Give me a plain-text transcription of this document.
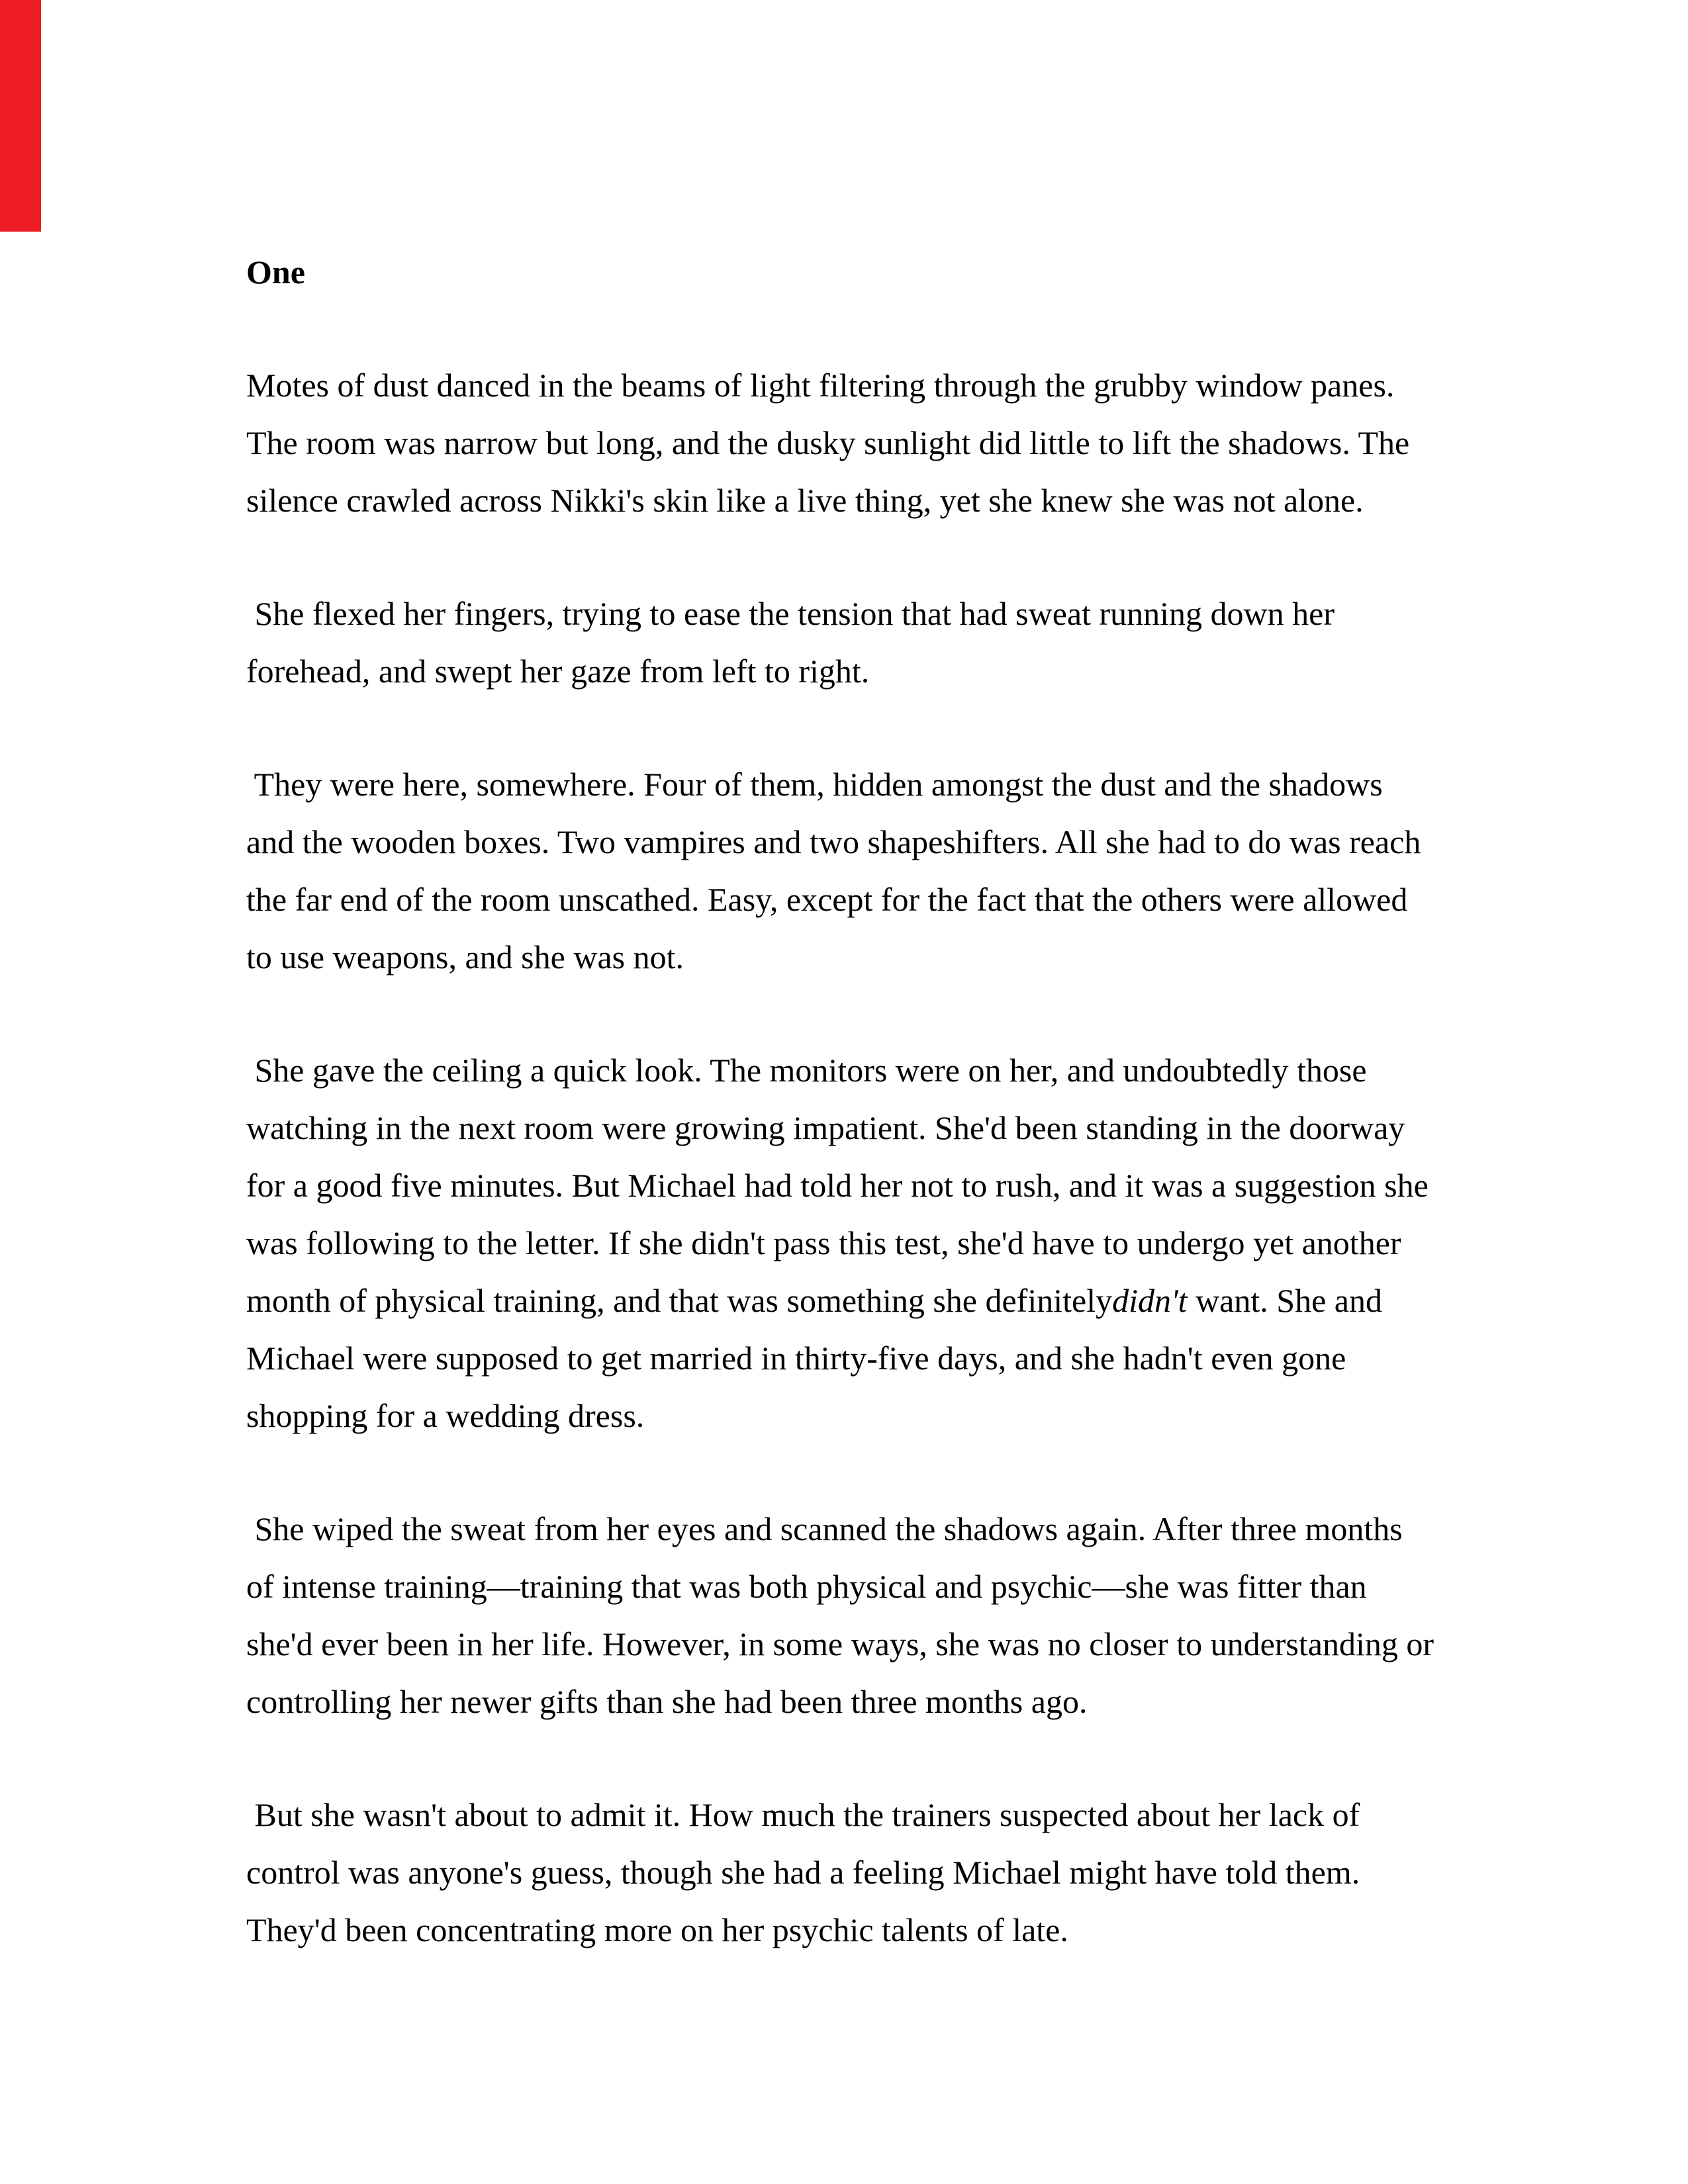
One

Motes of dust danced in the beams of light filtering through the grubby window panes.
The room was narrow but long, and the dusky sunlight did little to lift the shadows. The
silence crawled across Nikki's skin like a live thing, yet she knew she was not alone.

She flexed her fingers, trying to ease the tension that had sweat running down her
forehead, and swept her gaze from left to right.

They were here, somewhere. Four of them, hidden amongst the dust and the shadows
and the wooden boxes. Two vampires and two shapeshifters. All she had to do was reach
the far end of the room unscathed. Easy, except for the fact that the others were allowed
to use weapons, and she was not.

She gave the ceiling a quick look. The monitors were on her, and undoubtedly those
watching in the next room were growing impatient. She'd been standing in the doorway
for a good five minutes. But Michael had told her not to rush, and it was a suggestion she
was following to the letter. If she didn't pass this test, she'd have to undergo yet another
month of physical training, and that was something she definitelydidn't want. She and
Michael were supposed to get married in thirty-five days, and she hadn't even gone
shopping for a wedding dress.

She wiped the sweat from her eyes and scanned the shadows again. After three months
of intense training—training that was both physical and psychic—she was fitter than
she'd ever been in her life. However, in some ways, she was no closer to understanding or
controlling her newer gifts than she had been three months ago.

But she wasn't about to admit it. How much the trainers suspected about her lack of
control was anyone's guess, though she had a feeling Michael might have told them.
They'd been concentrating more on her psychic talents of late.
